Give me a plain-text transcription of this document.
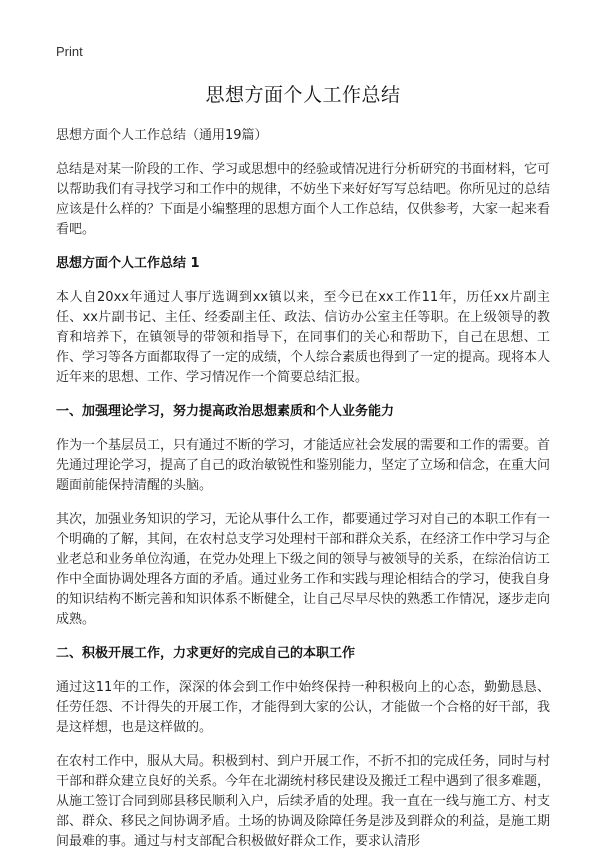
Print
思想方面个人工作总结
思想方面个人工作总结（通用19篇）

总结是对某一阶段的工作、学习或思想中的经验或情况进行分析研究的书面材料，它可以帮助我们有寻找学习和工作中的规律，不妨坐下来好好写写总结吧。你所见过的总结应该是什么样的？下面是小编整理的思想方面个人工作总结，仅供参考，大家一起来看看吧。

思想方面个人工作总结 1

本人自20xx年通过人事厅选调到xx镇以来，至今已在xx工作11年，历任xx片副主任、xx片副书记、主任、经委副主任、政法、信访办公室主任等职。在上级领导的教育和培养下，在镇领导的带领和指导下，在同事们的关心和帮助下，自己在思想、工作、学习等各方面都取得了一定的成绩，个人综合素质也得到了一定的提高。现将本人近年来的思想、工作、学习情况作一个简要总结汇报。

一、加强理论学习，努力提高政治思想素质和个人业务能力

作为一个基层员工，只有通过不断的学习，才能适应社会发展的需要和工作的需要。首先通过理论学习，提高了自己的政治敏锐性和鉴别能力，坚定了立场和信念，在重大问题面前能保持清醒的头脑。

其次，加强业务知识的学习，无论从事什么工作，都要通过学习对自己的本职工作有一个明确的了解，其间，在农村总支学习处理村干部和群众关系，在经济工作中学习与企业老总和业务单位沟通，在党办处理上下级之间的领导与被领导的关系，在综治信访工作中全面协调处理各方面的矛盾。通过业务工作和实践与理论相结合的学习，使我自身的知识结构不断完善和知识体系不断健全，让自己尽早尽快的熟悉工作情况，逐步走向成熟。

二、积极开展工作，力求更好的完成自己的本职工作

通过这11年的工作，深深的体会到工作中始终保持一种积极向上的心态，勤勤恳恳、任劳任怨、不计得失的开展工作，才能得到大家的公认，才能做一个合格的好干部，我是这样想，也是这样做的。

在农村工作中，服从大局。积极到村、到户开展工作，不折不扣的完成任务，同时与村干部和群众建立良好的关系。今年在北湖统村移民建设及搬迁工程中遇到了很多难题，从施工签订合同到郧县移民顺利入户，后续矛盾的处理。我一直在一线与施工方、村支部、群众、移民之间协调矛盾。土场的协调及除障任务是涉及到群众的利益，是施工期间最难的事。通过与村支部配合积极做好群众工作，要求认清形
